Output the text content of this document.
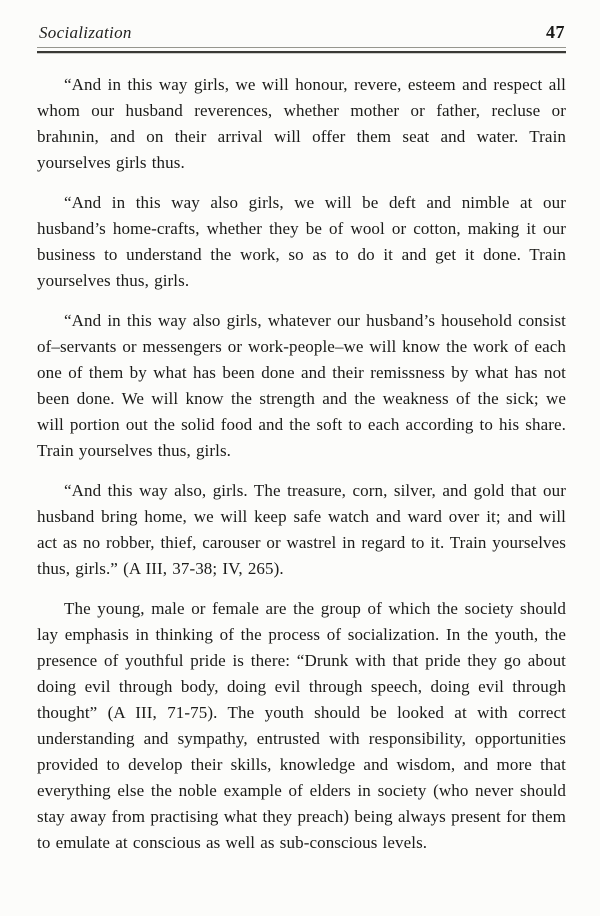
Socialization	47

“And in this way girls, we will honour, revere, esteem and respect all whom our husband reverences, whether mother or father, recluse or brahınin, and on their arrival will offer them seat and water. Train yourselves girls thus.

“And in this way also girls, we will be deft and nimble at our husband’s home-crafts, whether they be of wool or cotton, making it our business to understand the work, so as to do it and get it done. Train yourselves thus, girls.

“And in this way also girls, whatever our husband’s household consist of–servants or messengers or work-people–we will know the work of each one of them by what has been done and their remissness by what has not been done. We will know the strength and the weakness of the sick; we will portion out the solid food and the soft to each according to his share. Train yourselves thus, girls.

“And this way also, girls. The treasure, corn, silver, and gold that our husband bring home, we will keep safe watch and ward over it; and will act as no robber, thief, carouser or wastrel in regard to it. Train yourselves thus, girls.” (A III, 37-38; IV, 265).

The young, male or female are the group of which the society should lay emphasis in thinking of the process of socialization. In the youth, the presence of youthful pride is there: “Drunk with that pride they go about doing evil through body, doing evil through speech, doing evil through thought” (A III, 71-75). The youth should be looked at with correct understanding and sympathy, entrusted with responsibility, opportunities provided to develop their skills, knowledge and wisdom, and more that everything else the noble example of elders in society (who never should stay away from practising what they preach) being always present for them to emulate at conscious as well as sub-conscious levels.
